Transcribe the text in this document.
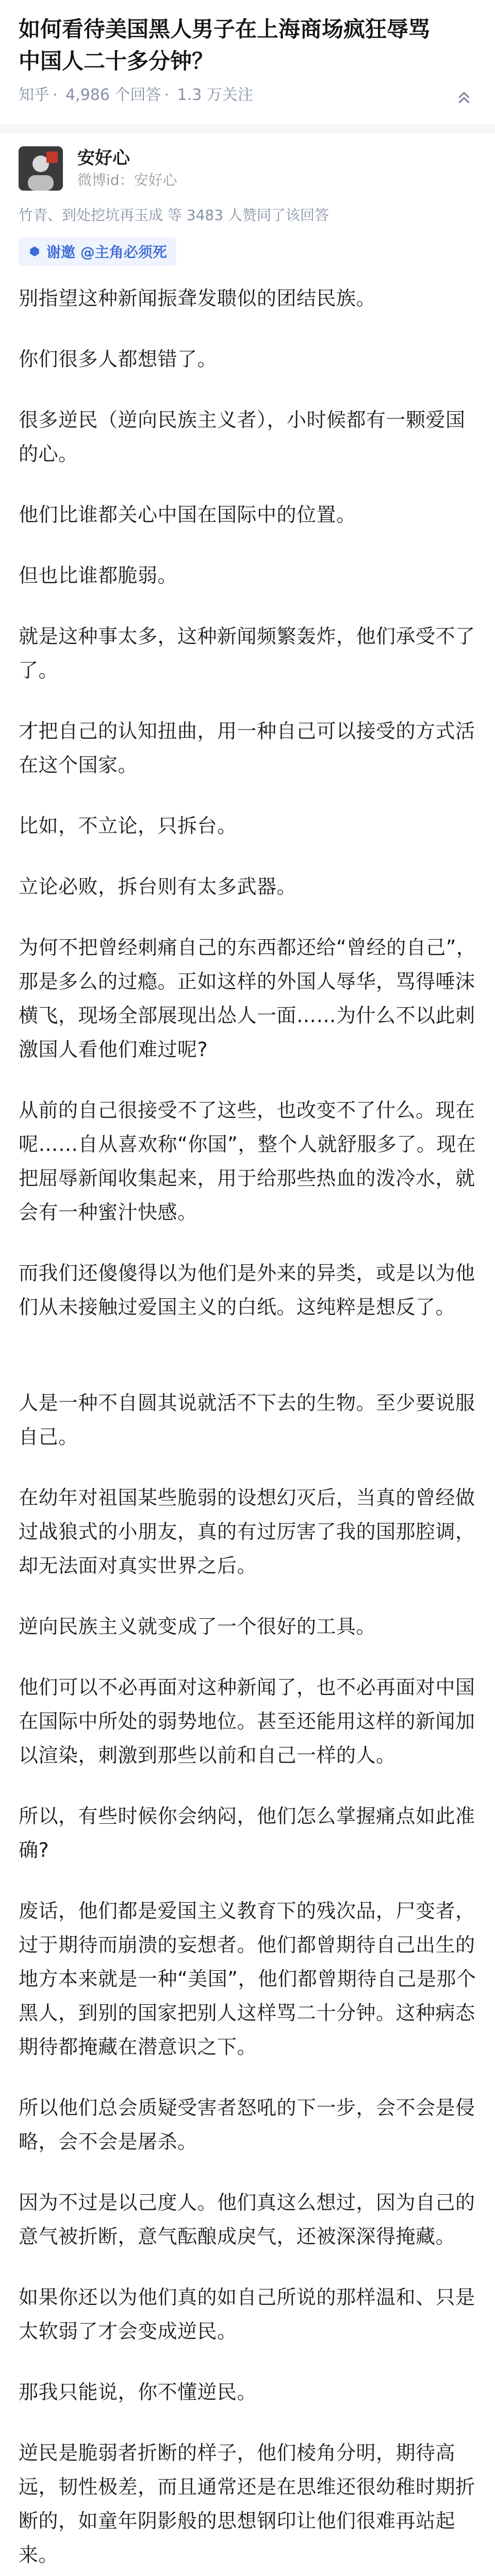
如何看待美国黑人男子在上海商场疯狂辱骂中国人二十多分钟？
知乎 · 4,986 个回答 · 1.3 万关注
安好心
微博id：安好心
竹青、到处挖坑再玉成 等 3483 人赞同了该回答
谢邀 @主角必须死

别指望这种新闻振聋发聩似的团结民族。

你们很多人都想错了。

很多逆民（逆向民族主义者），小时候都有一颗爱国的心。

他们比谁都关心中国在国际中的位置。

但也比谁都脆弱。

就是这种事太多，这种新闻频繁轰炸，他们承受不了了。

才把自己的认知扭曲，用一种自己可以接受的方式活在这个国家。

比如，不立论，只拆台。

立论必败，拆台则有太多武器。

为何不把曾经刺痛自己的东西都还给“曾经的自己”，那是多么的过瘾。正如这样的外国人辱华，骂得唾沫横飞，现场全部展现出怂人一面……为什么不以此刺激国人看他们难过呢?

从前的自己很接受不了这些，也改变不了什么。现在呢……自从喜欢称“你国”，整个人就舒服多了。现在把屈辱新闻收集起来，用于给那些热血的泼冷水，就会有一种蜜汁快感。

而我们还傻傻得以为他们是外来的异类，或是以为他们从未接触过爱国主义的白纸。这纯粹是想反了。

人是一种不自圆其说就活不下去的生物。至少要说服自己。

在幼年对祖国某些脆弱的设想幻灭后，当真的曾经做过战狼式的小朋友，真的有过厉害了我的国那腔调，却无法面对真实世界之后。

逆向民族主义就变成了一个很好的工具。

他们可以不必再面对这种新闻了，也不必再面对中国在国际中所处的弱势地位。甚至还能用这样的新闻加以渲染，刺激到那些以前和自己一样的人。

所以，有些时候你会纳闷，他们怎么掌握痛点如此准确?

废话，他们都是爱国主义教育下的残次品，尸变者，过于期待而崩溃的妄想者。他们都曾期待自己出生的地方本来就是一种“美国”，他们都曾期待自己是那个黑人，到别的国家把别人这样骂二十分钟。这种病态期待都掩藏在潜意识之下。

所以他们总会质疑受害者怒吼的下一步，会不会是侵略，会不会是屠杀。

因为不过是以己度人。他们真这么想过，因为自己的意气被折断，意气酝酿成戾气，还被深深得掩藏。

如果你还以为他们真的如自己所说的那样温和、只是太软弱了才会变成逆民。

那我只能说，你不懂逆民。

逆民是脆弱者折断的样子，他们棱角分明，期待高远，韧性极差，而且通常还是在思维还很幼稚时期折断的，如童年阴影般的思想钢印让他们很难再站起来。
